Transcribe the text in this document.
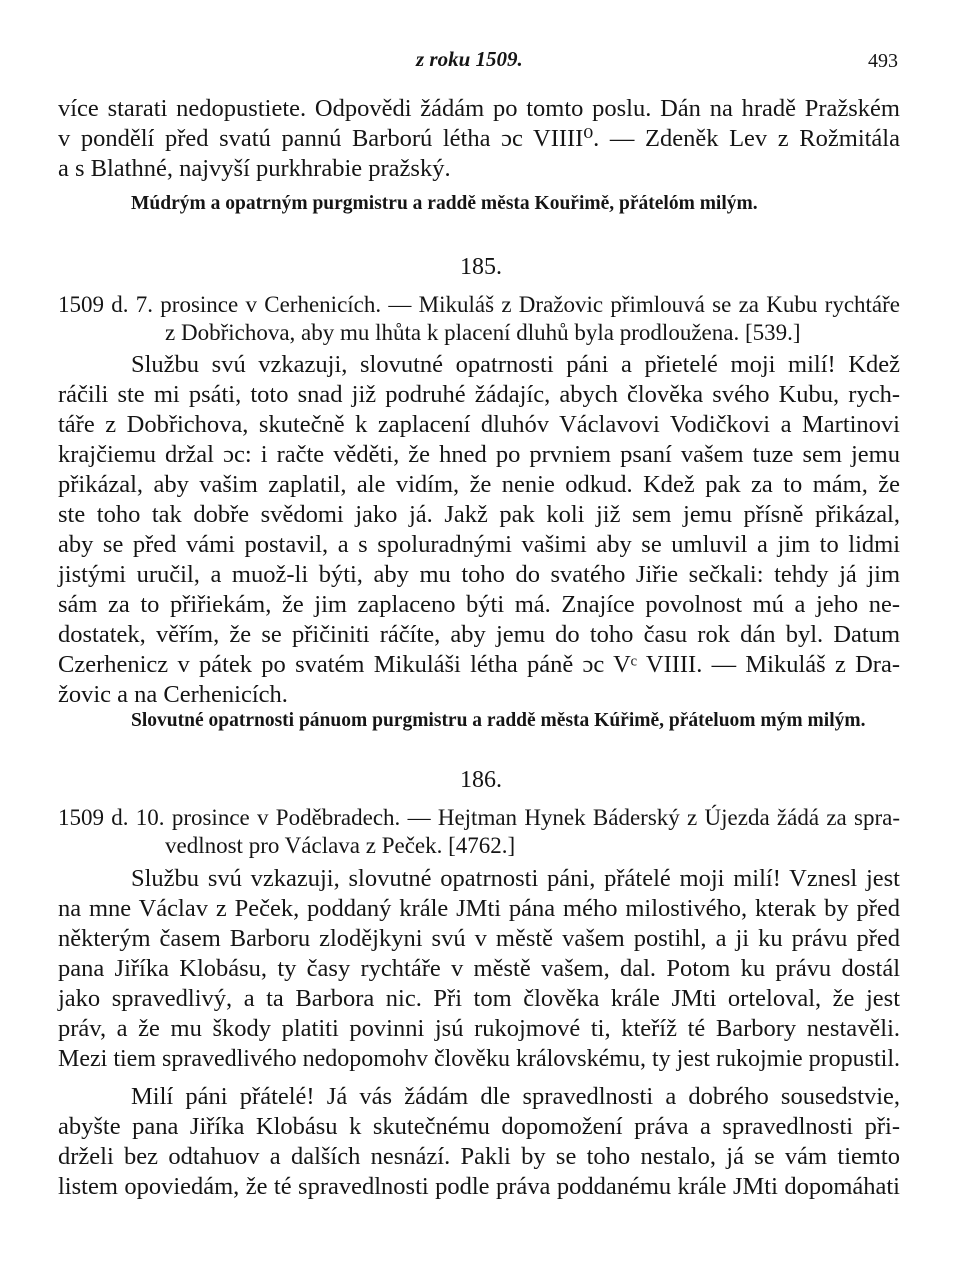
z roku 1509.	493
více starati nedopustiete. Odpovědi žádám po tomto poslu. Dán na hradě Pražském
v pondělí před svatú pannú Barború létha ɔc VIIII⁰. — Zdeněk Lev z Rožmitála
a s Blathné, najvyší purkhrabie pražský.
Múdrým a opatrným purgmistru a raddě města Kouřimě, přátelóm milým.
185.
1509 d. 7. prosince v Cerhenicích. — Mikuláš z Dražovic přimlouvá se za Kubu rychtáře
z Dobřichova, aby mu lhůta k placení dluhů byla prodloužena. [539.]
Službu svú vzkazuji, slovutné opatrnosti páni a přietelé moji milí! Kdež
ráčili ste mi psáti, toto snad již podruhé žádajíc, abych člověka svého Kubu, rych-
táře z Dobřichova, skutečně k zaplacení dluhóv Václavovi Vodičkovi a Martinovi
krajčiemu držal ɔc: i račte věděti, že hned po prvniem psaní vašem tuze sem jemu
přikázal, aby vašim zaplatil, ale vidím, že nenie odkud. Kdež pak za to mám, že
ste toho tak dobře svědomi jako já. Jakž pak koli již sem jemu přísně přikázal,
aby se před vámi postavil, a s spoluradnými vašimi aby se umluvil a jim to lidmi
jistými uručil, a muož-li býti, aby mu toho do svatého Jiřie sečkali: tehdy já jim
sám za to přiřiekám, že jim zaplaceno býti má. Znajíce povolnost mú a jeho ne-
dostatek, věřím, že se přičiniti ráčíte, aby jemu do toho času rok dán byl. Datum
Czerhenicz v pátek po svatém Mikuláši létha páně ɔc Vᶜ VIIII. — Mikuláš z Dra-
žovic a na Cerhenicích.
Slovutné opatrnosti pánuom purgmistru a raddě města Kúřimě, přáteluom mým milým.
186.
1509 d. 10. prosince v Poděbradech. — Hejtman Hynek Báderský z Újezda žádá za spra-
vedlnost pro Václava z Peček. [4762.]
Službu svú vzkazuji, slovutné opatrnosti páni, přátelé moji milí! Vznesl jest
na mne Václav z Peček, poddaný krále JMti pána mého milostivého, kterak by před
některým časem Barboru zlodějkyni svú v městě vašem postihl, a ji ku právu před
pana Jiříka Klobásu, ty časy rychtáře v městě vašem, dal. Potom ku právu dostál
jako spravedlivý, a ta Barbora nic. Při tom člověka krále JMti orteloval, že jest
práv, a že mu škody platiti povinni jsú rukojmové ti, kteříž té Barbory nestavěli.
Mezi tiem spravedlivého nedopomohv člověku královskému, ty jest rukojmie propustil.
Milí páni přátelé! Já vás žádám dle spravedlnosti a dobrého sousedstvie,
abyšte pana Jiříka Klobásu k skutečnému dopomožení práva a spravedlnosti při-
drželi bez odtahuov a dalších nesnází. Pakli by se toho nestalo, já se vám tiemto
listem opoviedám, že té spravedlnosti podle práva poddanému krále JMti dopomáhati
